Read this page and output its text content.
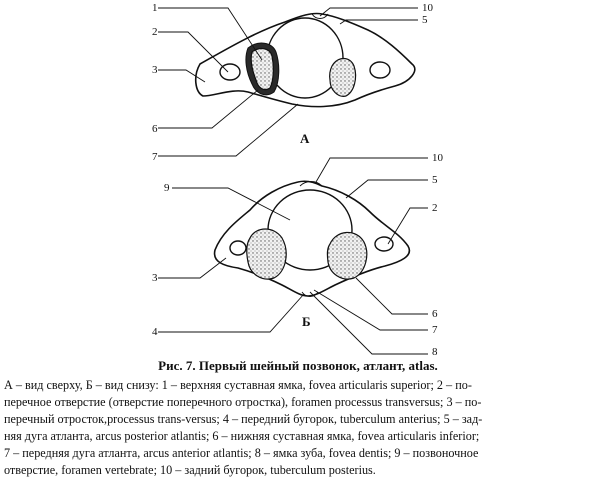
1
2
3
6
7
10
5
А
10
9
5
2
3
6
4	7
8
Б

Рис. 7. Первый шейный позвонок, атлант, atlas.

А – вид сверху, Б – вид снизу: 1 – верхняя суставная ямка, fovea articularis superior; 2 – по-
перечное отверстие (отверстие поперечного отростка), foramen processus transversus; 3 – по-
перечный отросток,processus trans-versus; 4 – передний бугорок, tuberculum anterius; 5 – зад-
няя дуга атланта, arcus posterior atlantis; 6 – нижняя суставная ямка, fovea articularis inferior;
7 – передняя дуга атланта, arcus anterior atlantis; 8 – ямка зуба, fovea dentis; 9 – позвоночное
отверстие, foramen vertebrate; 10 – задний бугорок, tuberculum posterius.
